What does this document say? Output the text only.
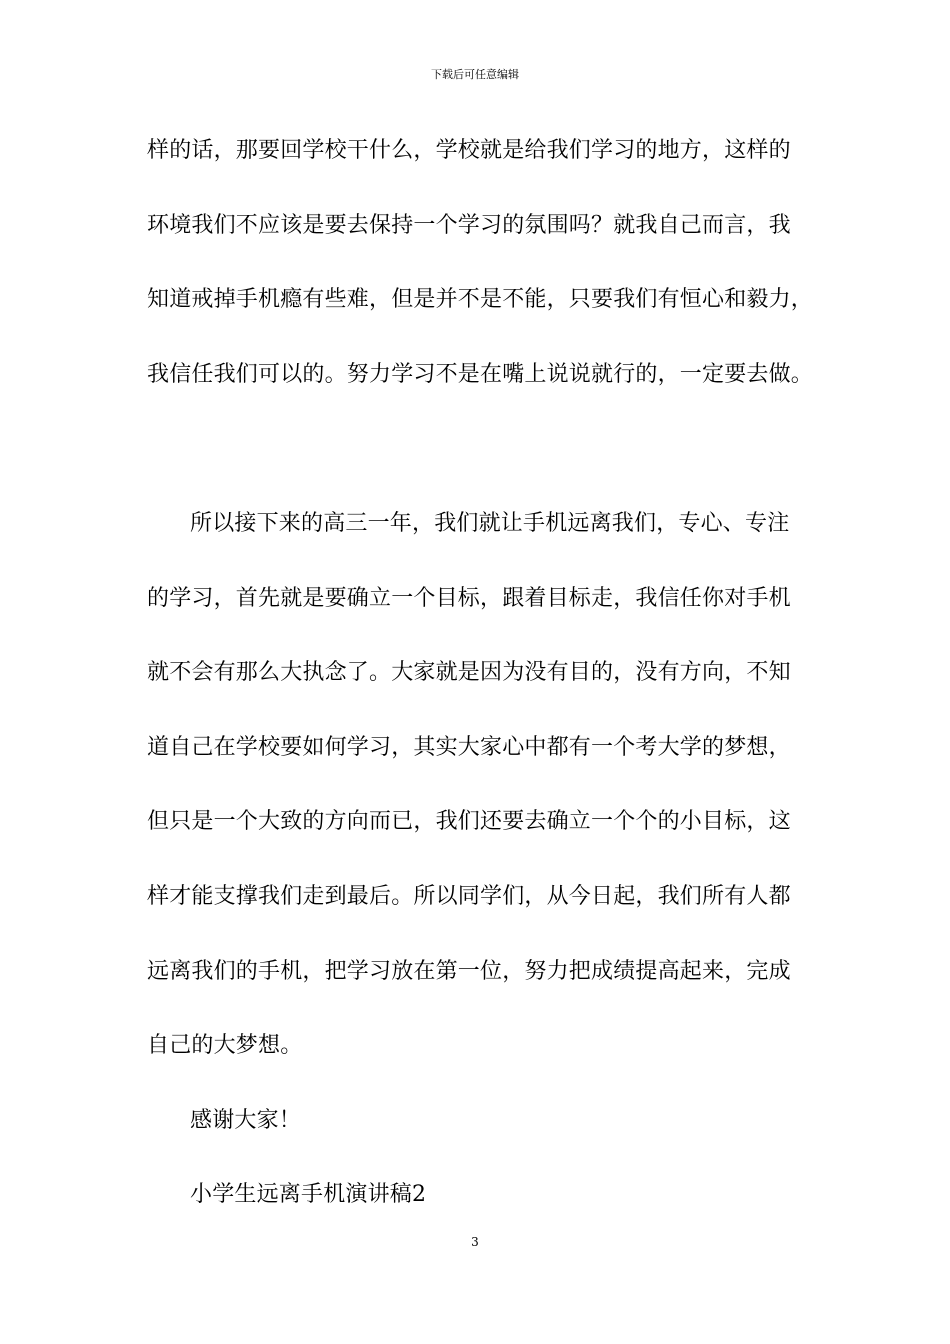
下载后可任意编辑
样的话，那要回学校干什么，学校就是给我们学习的地方，这样的
环境我们不应该是要去保持一个学习的氛围吗？就我自己而言，我
知道戒掉手机瘾有些难，但是并不是不能，只要我们有恒心和毅力，
我信任我们可以的。努力学习不是在嘴上说说就行的，一定要去做。
所以接下来的高三一年，我们就让手机远离我们，专心、专注
的学习，首先就是要确立一个目标，跟着目标走，我信任你对手机
就不会有那么大执念了。大家就是因为没有目的，没有方向，不知
道自己在学校要如何学习，其实大家心中都有一个考大学的梦想，
但只是一个大致的方向而已，我们还要去确立一个个的小目标，这
样才能支撑我们走到最后。所以同学们，从今日起，我们所有人都
远离我们的手机，把学习放在第一位，努力把成绩提高起来，完成
自己的大梦想。
感谢大家！
小学生远离手机演讲稿2
3
